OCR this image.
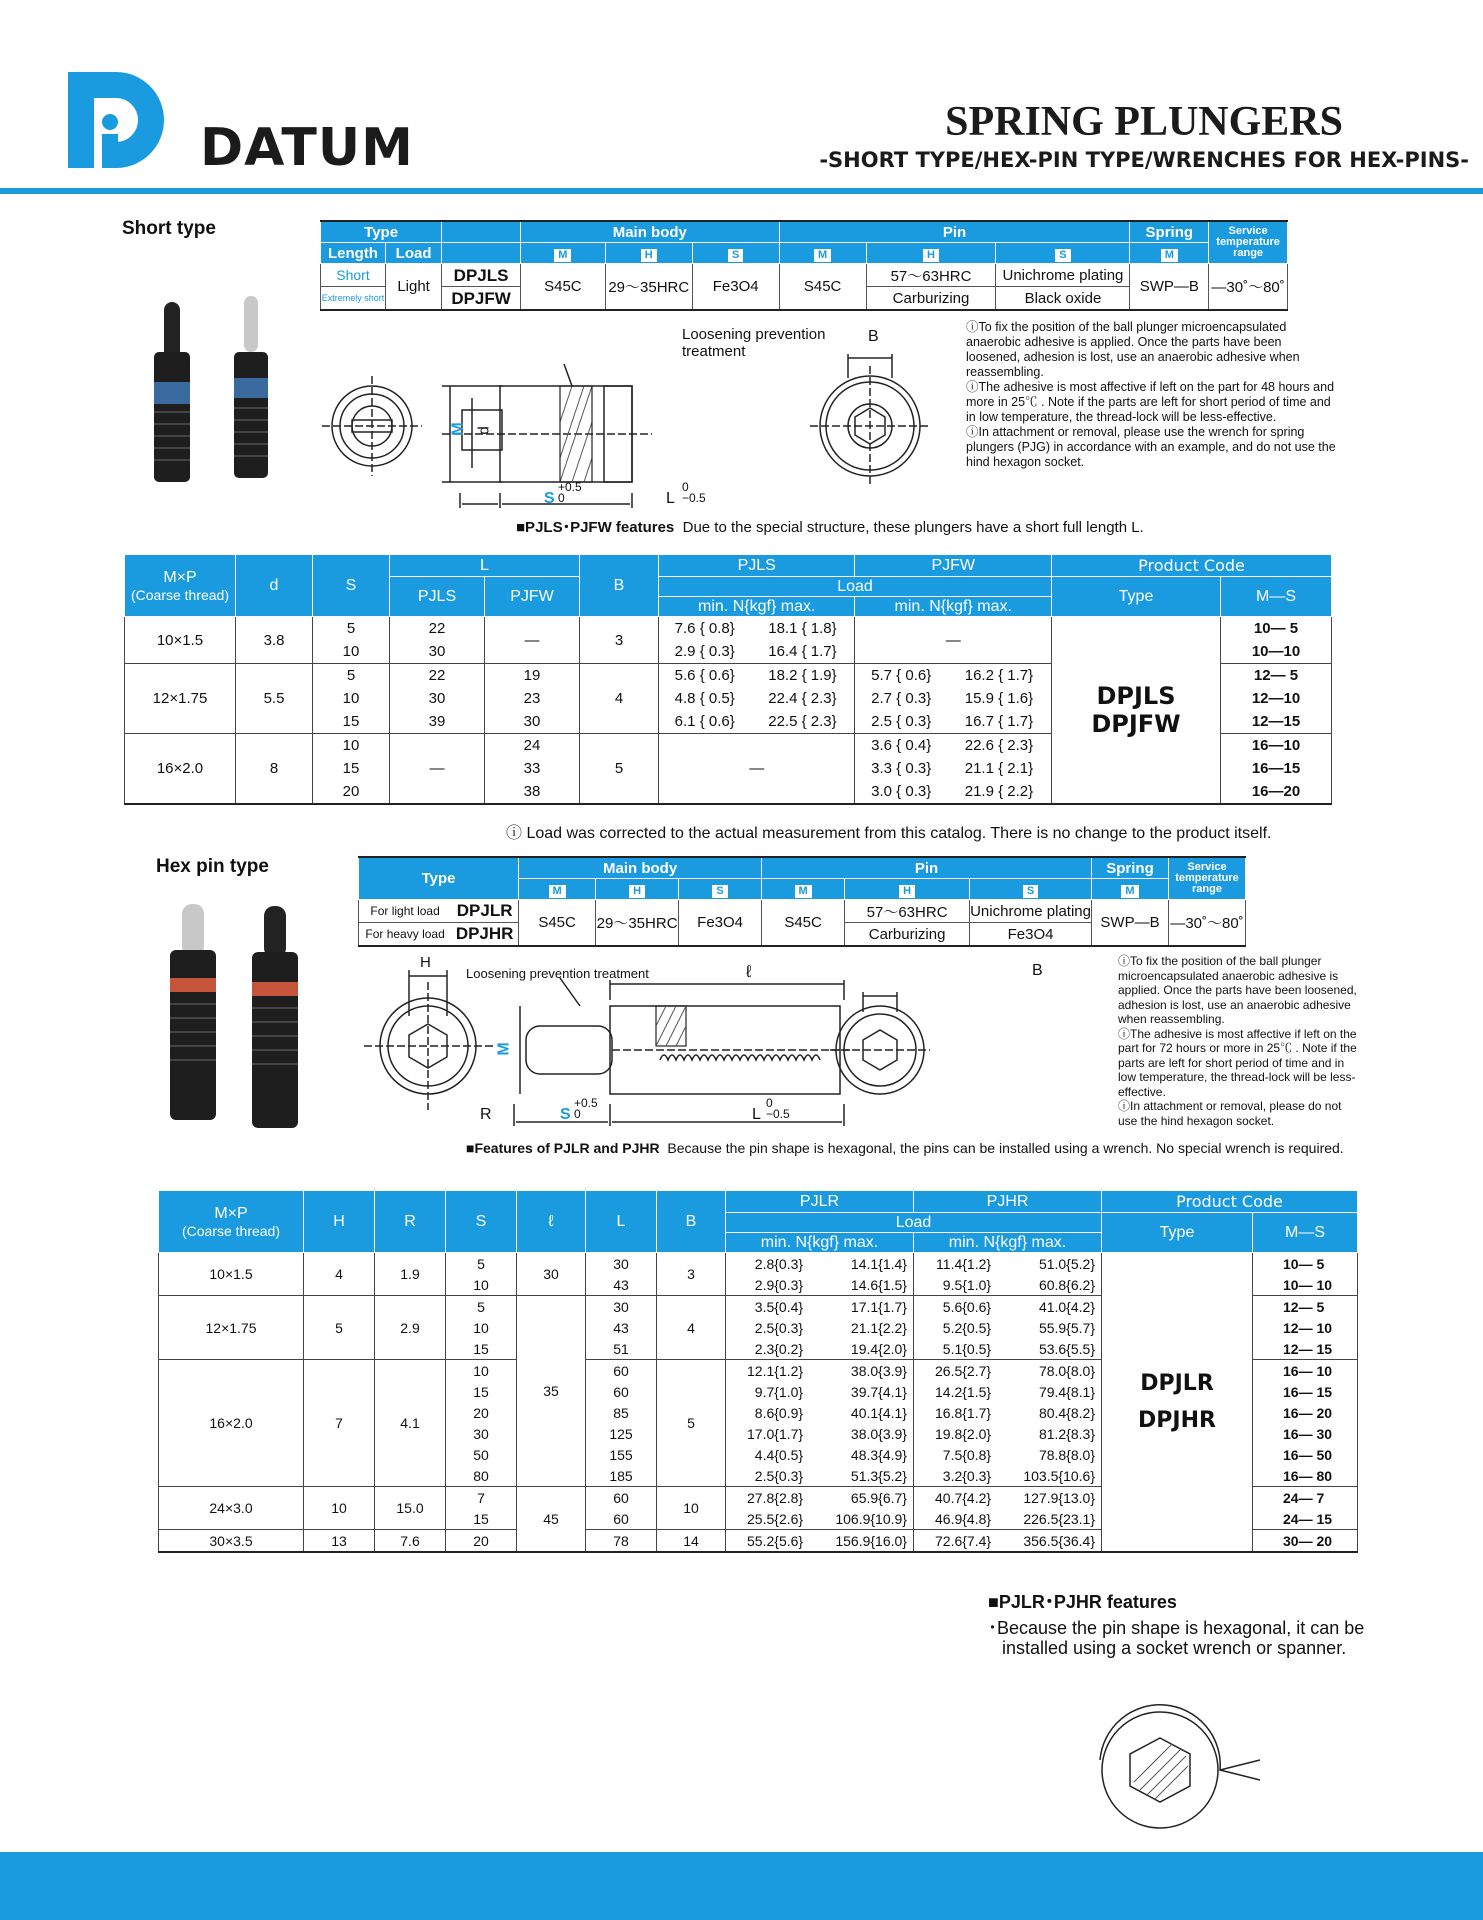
DATUM	SPRING PLUNGERS
-SHORT TYPE/HEX-PIN TYPE/WRENCHES FOR HEX-PINS-
Short type	Type			Main body			Pin			Spring	Service temperature range
Length	Load		M	H	S	M	H	S	M	
Short	Light	DPJLS	S45C	29～35HRC	Fe3O4	S45C	57～63HRC	Unichrome plating	SWP―B	―30˚～80˚
Extremely short		DPJFW					Carburizing	Black oxide		
Loosening prevention treatment
B
M d
S
+0.5
0	L
0
−0.5
ⓘTo fix the position of the ball plunger microencapsulated anaerobic adhesive is applied. Once the parts have been loosened, adhesion is lost, use an anaerobic adhesive when reassembling.
ⓘThe adhesive is most affective if left on the part for 48 hours and more in 25℃ . Note if the parts are left for short period of time and in low temperature, the thread-lock will be less-effective.
ⓘIn attachment or removal, please use the wrench for spring plungers (PJG) in accordance with an example, and do not use the hind hexagon socket.
■PJLS･PJFW features Due to the special structure, these plungers have a short full length L.
M×P
(Coarse thread)	d	S	L		B	PJLS		PJFW		Product Code	
			PJLS	PJFW		Load				Type	M―S
						min. N{kgf} max.		min. N{kgf} max.			
10×1.5	3.8	5	22	—	3	7.6 { 0.8}	18.1 { 1.8}	—		DPJLS	10— 5
		10	30			2.9 { 0.3}	16.4 { 1.7}				10—10
12×1.75	5.5	5	22	19	4	5.6 { 0.6}	18.2 { 1.9}	5.7 { 0.6}	16.2 { 1.7}		12— 5
		10	30	23		4.8 { 0.5}	22.4 { 2.3}	2.7 { 0.3}	15.9 { 1.6}		12—10
		15	39	30		6.1 { 0.6}	22.5 { 2.3}	2.5 { 0.3}	16.7 { 1.7}	DPJFW	12—15
16×2.0	8	10	—	24	5	—		3.6 { 0.4}	22.6 { 2.3}		16—10
		15		33				3.3 { 0.3}	21.1 { 2.1}		16—15
		20		38				3.0 { 0.3}	21.9 { 2.2}		16—20
ⓘ Load was corrected to the actual measurement from this catalog. There is no change to the product itself.
Hex pin type
Type		Main body			Pin			Spring	Service temperature range
		M	H	S	M	H	S	M	
For light load	DPJLR	S45C	29～35HRC	Fe3O4	S45C	57～63HRC	Unichrome plating	SWP―B	―30˚～80˚
For heavy load	DPJHR					Carburizing	Fe3O4		
H
Loosening prevention treatment	ℓ	B
M
R	S
+0.5
0	L
0
−0.5
ⓘTo fix the position of the ball plunger microencapsulated anaerobic adhesive is applied. Once the parts have been loosened, adhesion is lost, use an anaerobic adhesive when reassembling.
ⓘThe adhesive is most affective if left on the part for 72 hours or more in 25℃ . Note if the parts are left for short period of time and in low temperature, the thread-lock will be less-effective.
ⓘIn attachment or removal, please do not use the hind hexagon socket.
■Features of PJLR and PJHR Because the pin shape is hexagonal, the pins can be installed using a wrench. No special wrench is required.
M×P
(Coarse thread)	H	R	S	ℓ	L	B	PJLR		PJHR		Product Code	
							Load				Type	M―S
							min. N{kgf} max.		min. N{kgf} max.			
10×1.5	4	1.9	5	30	30	3	2.8{0.3}	14.1{1.4}	11.4{1.2}	51.0{5.2}	DPJLR	10— 5
			10		43		2.9{0.3}	14.6{1.5}	9.5{1.0}	60.8{6.2}		10— 10
12×1.75	5	2.9	5	35	30	4	3.5{0.4}	17.1{1.7}	5.6{0.6}	41.0{4.2}		12— 5
			10		43		2.5{0.3}	21.1{2.2}	5.2{0.5}	55.9{5.7}		12— 10
			15		51		2.3{0.2}	19.4{2.0}	5.1{0.5}	53.6{5.5}		12— 15
16×2.0	7	4.1	10		60	5	12.1{1.2}	38.0{3.9}	26.5{2.7}	78.0{8.0}		16— 10
			15		60		9.7{1.0}	39.7{4.1}	14.2{1.5}	79.4{8.1}		16— 15
			20		85		8.6{0.9}	40.1{4.1}	16.8{1.7}	80.4{8.2}	DPJHR	16— 20
			30		125		17.0{1.7}	38.0{3.9}	19.8{2.0}	81.2{8.3}		16— 30
			50		155		4.4{0.5}	48.3{4.9}	7.5{0.8}	78.8{8.0}		16— 50
			80		185		2.5{0.3}	51.3{5.2}	3.2{0.3}	103.5{10.6}		16— 80
24×3.0	10	15.0	7	45	60	10	27.8{2.8}	65.9{6.7}	40.7{4.2}	127.9{13.0}		24— 7
			15		60		25.5{2.6}	106.9{10.9}	46.9{4.8}	226.5{23.1}		24— 15
30×3.5	13	7.6	20		78	14	55.2{5.6}	156.9{16.0}	72.6{7.4}	356.5{36.4}		30— 20
■PJLR･PJHR features
･Because the pin shape is hexagonal, it can be
installed using a socket wrench or spanner.
